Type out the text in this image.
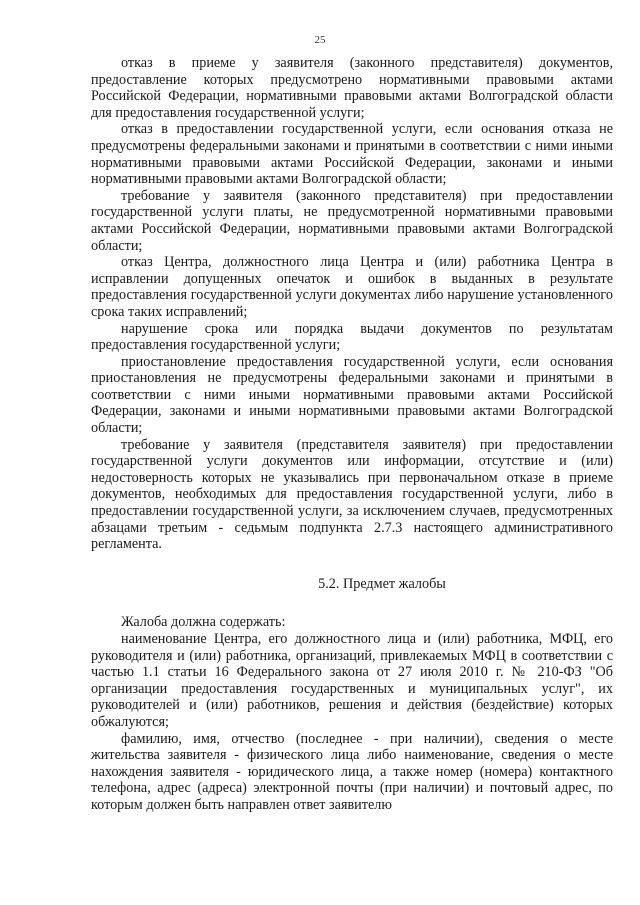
25

отказ в приеме у заявителя (законного представителя) документов, предоставление которых предусмотрено нормативными правовыми актами Российской Федерации, нормативными правовыми актами Волгоградской области для предоставления государственной услуги;

отказ в предоставлении государственной услуги, если основания отказа не предусмотрены федеральными законами и принятыми в соответствии с ними иными нормативными правовыми актами Российской Федерации, законами и иными нормативными правовыми актами Волгоградской области;

требование у заявителя (законного представителя) при предоставлении государственной услуги платы, не предусмотренной нормативными правовыми актами Российской Федерации, нормативными правовыми актами Волгоградской области;

отказ Центра, должностного лица Центра и (или) работника Центра в исправлении допущенных опечаток и ошибок в выданных в результате предоставления государственной услуги документах либо нарушение установленного срока таких исправлений;

нарушение срока или порядка выдачи документов по результатам предоставления государственной услуги;

приостановление предоставления государственной услуги, если основания приостановления не предусмотрены федеральными законами и принятыми в соответствии с ними иными нормативными правовыми актами Российской Федерации, законами и иными нормативными правовыми актами Волгоградской области;

требование у заявителя (представителя заявителя) при предоставлении государственной услуги документов или информации, отсутствие и (или) недостоверность которых не указывались при первоначальном отказе в приеме документов, необходимых для предоставления государственной услуги, либо в предоставлении государственной услуги, за исключением случаев, предусмотренных абзацами третьим - седьмым подпункта 2.7.3 настоящего административного регламента.

5.2. Предмет жалобы

Жалоба должна содержать:

наименование Центра, его должностного лица и (или) работника, МФЦ, его руководителя и (или) работника, организаций, привлекаемых МФЦ в соответствии с частью 1.1 статьи 16 Федерального закона от 27 июля 2010 г. № 210-ФЗ "Об организации предоставления государственных и муниципальных услуг", их руководителей и (или) работников, решения и действия (бездействие) которых обжалуются;

фамилию, имя, отчество (последнее - при наличии), сведения о месте жительства заявителя - физического лица либо наименование, сведения о месте нахождения заявителя - юридического лица, а также номер (номера) контактного телефона, адрес (адреса) электронной почты (при наличии) и почтовый адрес, по которым должен быть направлен ответ заявителю
